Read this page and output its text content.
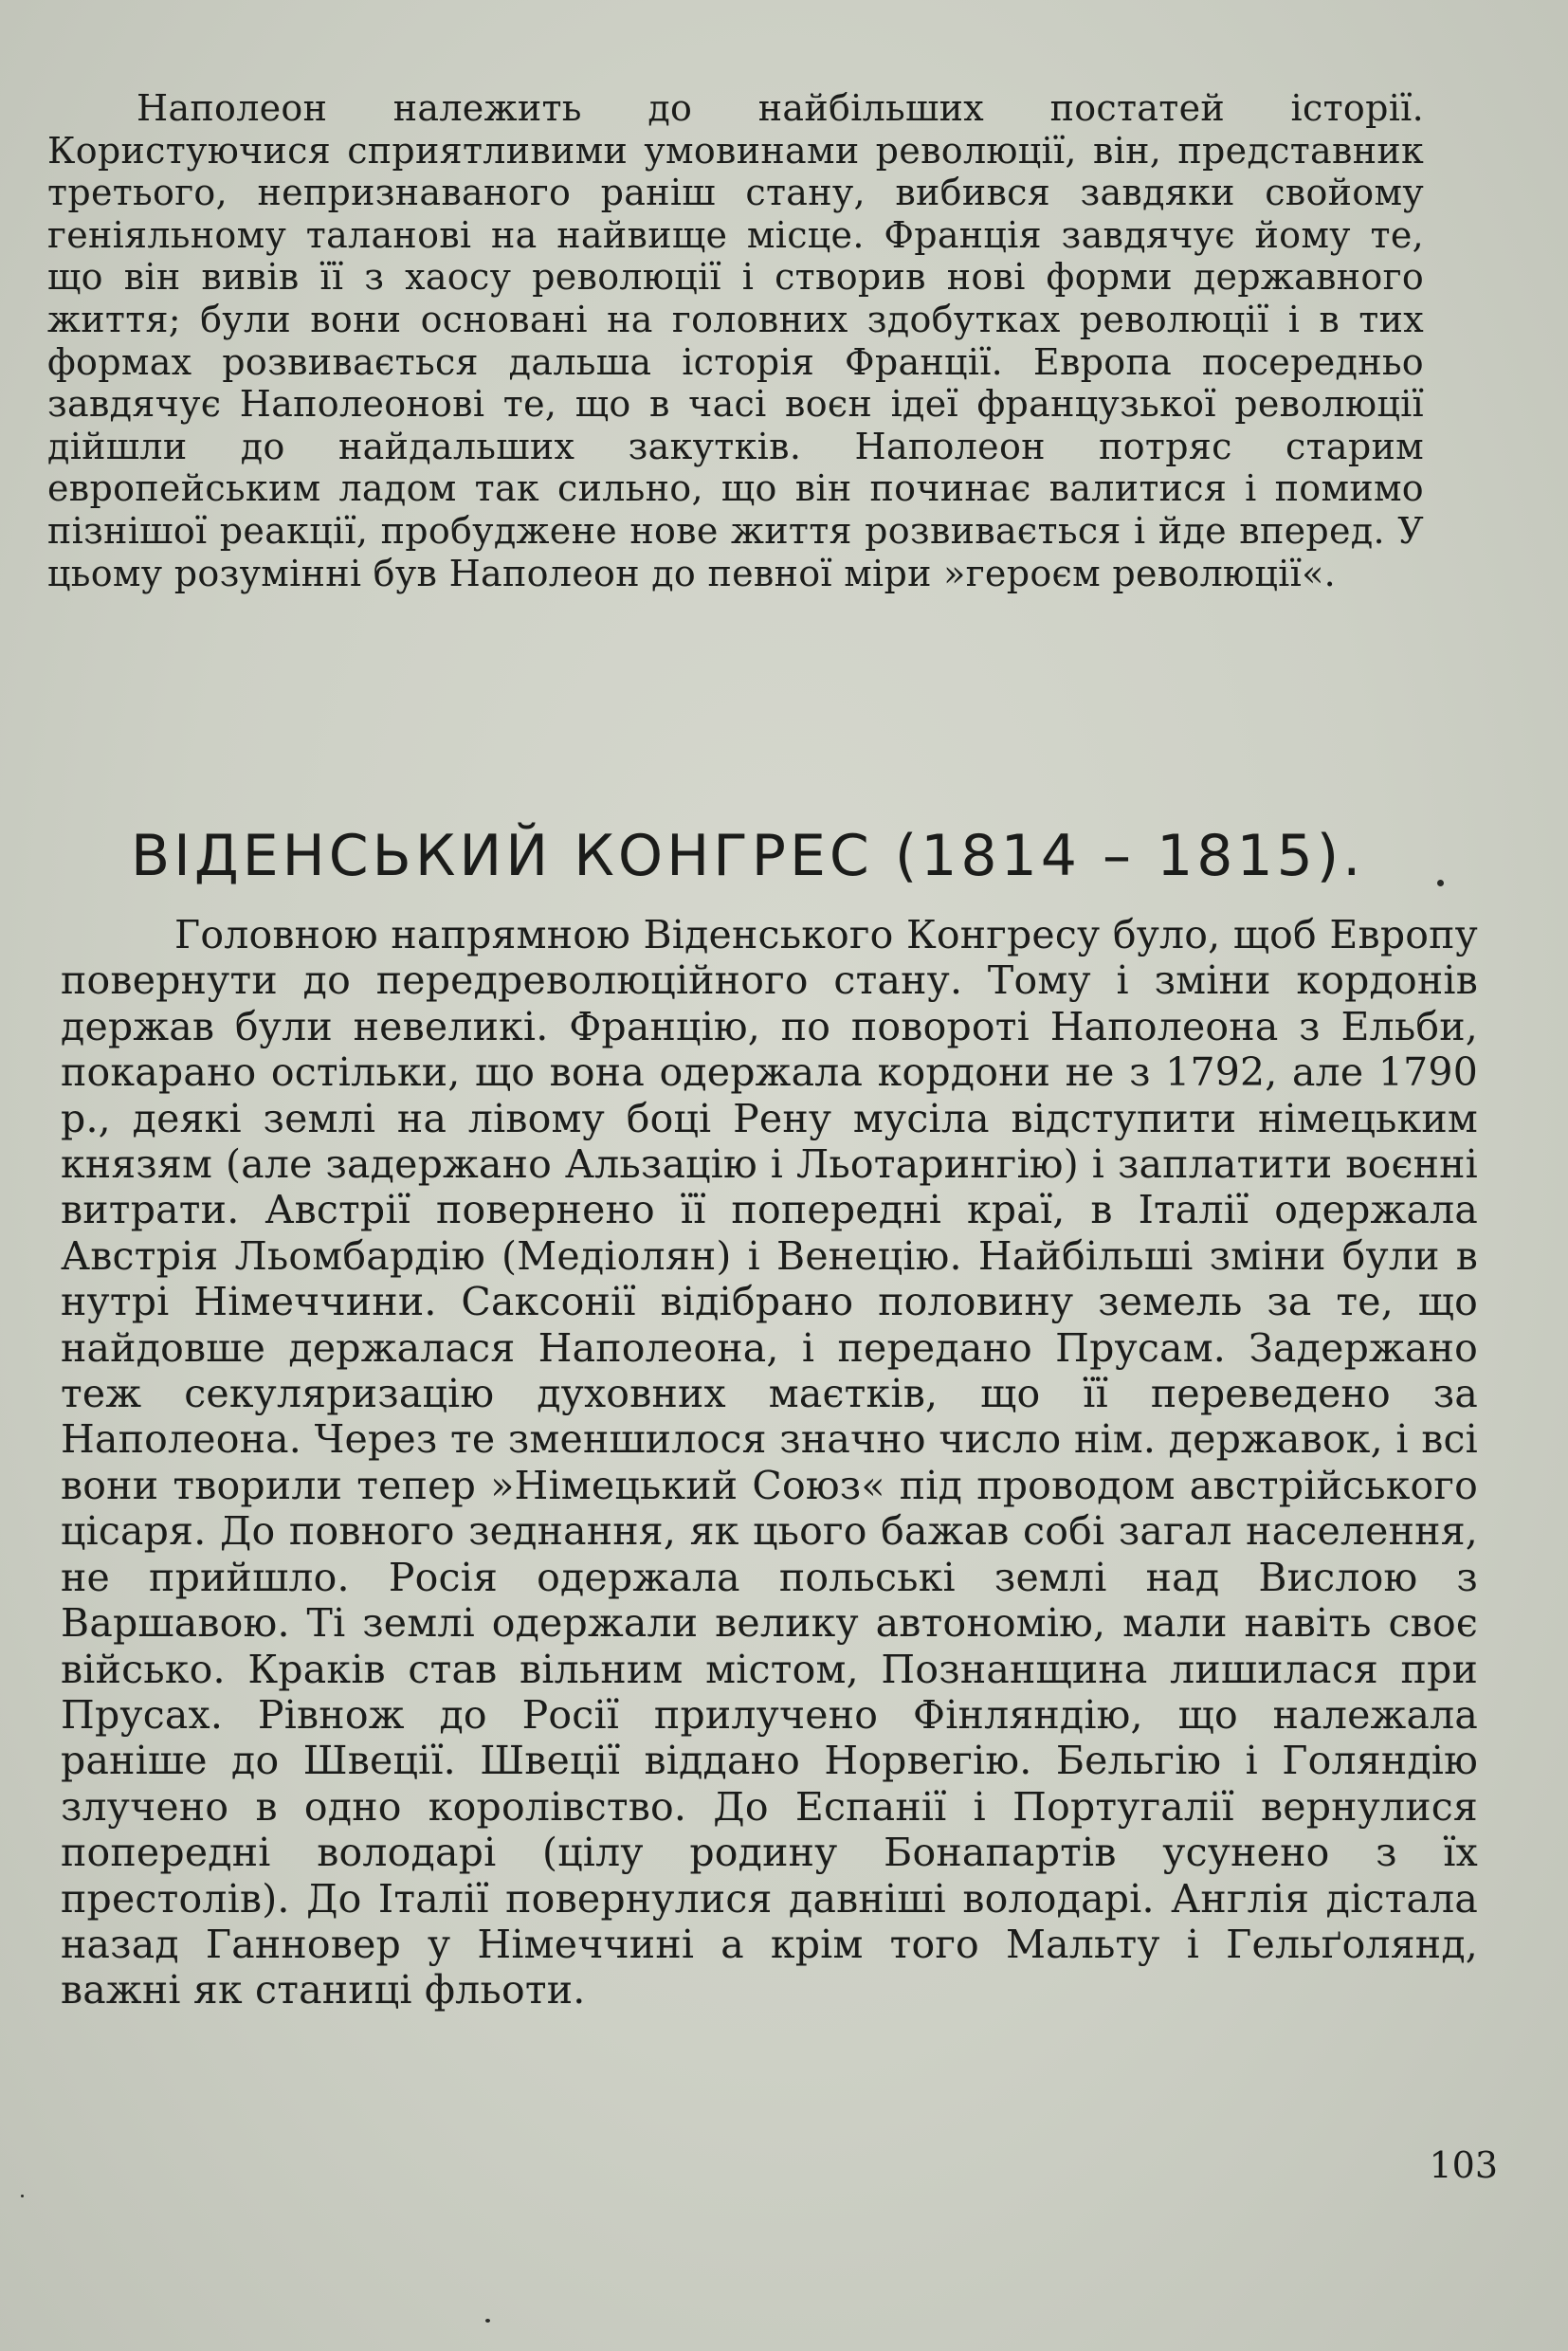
Наполеон належить до найбільших постатей історії. Користуючися сприятливими умовинами революції, він, представник третього, непризнаваного раніш стану, вибився завдяки свойому геніяльному таланові на найвище місце. Франція завдячує йому те, що він вивів її з хаосу революції і створив нові форми державного життя; були вони основані на головних здобутках революції і в тих формах розвивається дальша історія Франції. Европа посередньо завдячує Наполеонові те, що в часі воєн ідеї французької революції дійшли до найдальших закутків. Наполеон потряс старим европейським ладом так сильно, що він починає валитися і помимо пізнішої реакції, пробуджене нове життя розвивається і йде вперед. У цьому розумінні був Наполеон до певної міри »героєм революції«.

ВІДЕНСЬКИЙ КОНГРЕС (1814 – 1815).

Головною напрямною Віденського Конгресу було, щоб Европу повернути до передреволюційного стану. Тому і зміни кордонів держав були невеликі. Францію, по повороті Наполеона з Ельби, покарано остільки, що вона одержала кордони не з 1792, але 1790 р., деякі землі на лівому боці Рену мусіла відступити німецьким князям (але задержано Альзацію і Льотарингію) і заплатити воєнні витрати. Австрії повернено її попередні краї, в Італії одержала Австрія Льомбардію (Медіолян) і Венецію. Найбільші зміни були в нутрі Німеччини. Саксонії відібрано половину земель за те, що найдовше держалася Наполеона, і передано Прусам. Задержано теж секуляризацію духовних маєтків, що її переведено за Наполеона. Через те зменшилося значно число нім. державок, і всі вони творили тепер »Німецький Союз« під проводом австрійського цісаря. До повного зеднання, як цього бажав собі загал населення, не прийшло. Росія одержала польські землі над Вислою з Варшавою. Ті землі одержали велику автономію, мали навіть своє військо. Краків став вільним містом, Познанщина лишилася при Прусах. Рівнож до Росії прилучено Фінляндію, що належала раніше до Швеції. Швеції віддано Норвегію. Бельгію і Голяндію злучено в одно королівство. До Еспанії і Португалії вернулися попередні володарі (цілу родину Бонапартів усунено з їх престолів). До Італії повернулися давніші володарі. Англія дістала назад Ганновер у Німеччині а крім того Мальту і Гельґолянд, важні як станиці фльоти.

103
